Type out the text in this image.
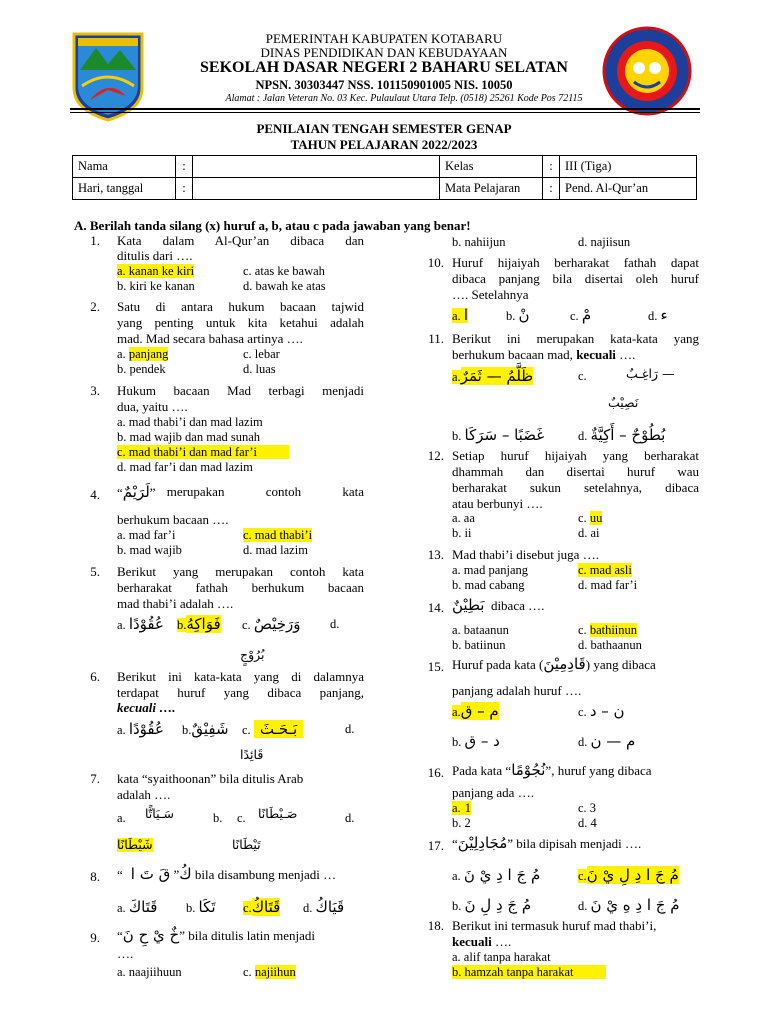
PEMERINTAH KABUPATEN KOTABARU
DINAS PENDIDIKAN DAN KEBUDAYAAN
SEKOLAH DASAR NEGERI 2 BAHARU SELATAN
NPSN. 30303447 NSS. 101150901005 NIS. 10050
Alamat : Jalan Veteran No. 03 Kec. Pulaulaut Utara Telp. (0518) 25261 Kode Pos 72115
PENILAIAN TENGAH SEMESTER GENAP
TAHUN PELAJARAN 2022/2023
Nama	:		Kelas	:	III (Tiga)
Hari, tanggal	:		Mata Pelajaran	:	Pend. Al-Qur’an
A. Berilah tanda silang (x) huruf a, b, atau c pada jawaban yang benar!
1. Kata dalam Al-Qur’an dibaca dan
ditulis dari ….
a. kanan ke kiri	c. atas ke bawah
b. kiri ke kanan	d. bawah ke atas
2. Satu di antara hukum bacaan tajwid
yang penting untuk kita ketahui adalah
mad. Mad secara bahasa artinya ….
a. panjang	c. lebar
b. pendek	d. luas
3. Hukum bacaan Mad terbagi menjadi
dua, yaitu ….
a. mad thabi’i dan mad lazim
b. mad wajib dan mad sunah
c. mad thabi’i dan mad far’i
d. mad far’i dan mad lazim
4. “لَرَيْمٌ” merupakan contoh kata
berhukum bacaan ….
a. mad far’i	c. mad thabi’i
b. mad wajib	d. mad lazim
5. Berikut yang merupakan contoh kata
berharakat fathah berhukum bacaan
mad thabi’i adalah ….
a. عُقُوْدًا b.فَوَاكِهُ c. وَرَخِيْصٌ d.
بُرُوْجٍ
6. Berikut ini kata-kata yang di dalamnya
terdapat huruf yang dibaca panjang,
kecuali ….
a. عُقُوْدًا b.شَفِيْقٌ c. بَـحَـثَ	d.
قَائِدًا
7. kata “syaithoonan” bila ditulis Arab
adalah ….
a. سَـيَاتًّا	b. c. صَـيْطَانًا	d.
شَيْطَانًا	تَيْطَانًا
8. “	كُ” قَ تَ ا bila disambung menjadi …
a. قَتَاكَ b. تَكَا c.قَتَاكُ d. قَيَاكُ
9. “خٌ يْ حِ نَ” bila ditulis latin menjadi
….
a. naajiihuun	c. najiihun
b. nahiijun	d. najiisun
10. Huruf hijaiyah berharakat fathah dapat
dibaca panjang bila disertai oleh huruf
…. Setelahnya
a. ا	b. نْ	c. مْ	d. ء
11. Berikut ini merupakan kata-kata yang
berhukum bacaan mad, kecuali ….
a.ظَلَّمُ — ثَمَرٌ	c.	رَاغِـبٌ —
نَصِيْبٌ
b. غَضَبًا – سَرَكَا	d. بُطُوْحٌ – أَكِيَّةٌ
12. Setiap huruf hijaiyah yang berharakat
dhammah dan disertai huruf wau
berharakat sukun setelahnya, dibaca
atau berbunyi ….
a. aa	c. uu
b. ii	d. ai
13. Mad thabi’i disebut juga ….
a. mad panjang	c. mad asli
b. mad cabang	d. mad far’i
14. بَطِيْنٌ dibaca ….
a. bataanun	c. bathiinun
b. batiinun	d. bathaanun
15. Huruf pada kata (قَادِمِيْنَ) yang dibaca
panjang adalah huruf ….
a.م – ق	c. ن – د
b. د – ق	d. م — ن
16. Pada kata “نُجُوْمًا”, huruf yang dibaca
panjang ada ….
a. 1	c. 3
b. 2	d. 4
17. “مُجَادِلِيْنَ” bila dipisah menjadi ….
a. مُ جَ ا دِ يْ نَ	c.مُ جَ ا دِ لِ يْ نَ
b. مُ جَ دِ لِ نَ	d. مُ جَ ا دِ هِ يْ نَ
18. Berikut ini termasuk huruf mad thabi’i,
kecuali ….
a. alif tanpa harakat
b. hamzah tanpa harakat
